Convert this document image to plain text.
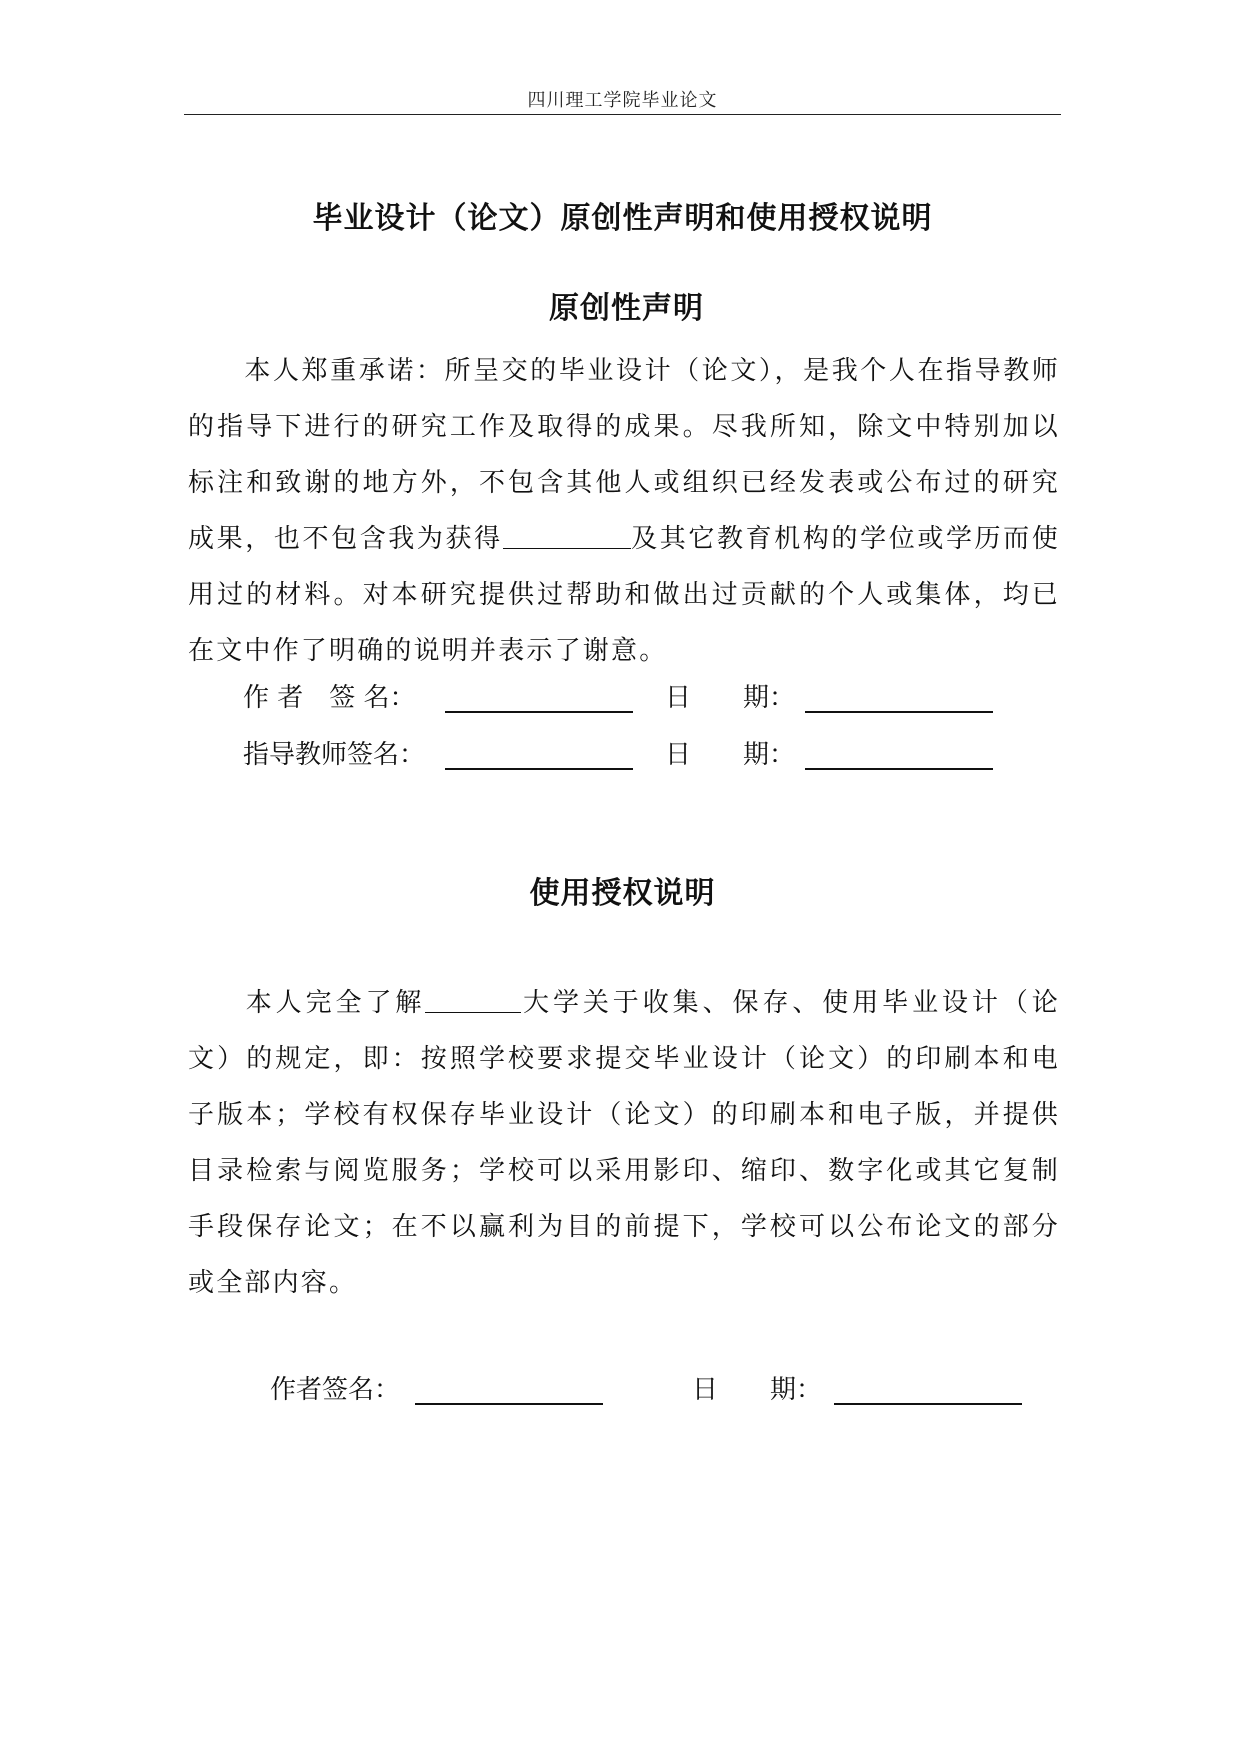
四川理工学院毕业论文
毕业设计（论文）原创性声明和使用授权说明
原创性声明
本人郑重承诺：所呈交的毕业设计（论文），是我个人在指导教师的指导下进行的研究工作及取得的成果。尽我所知，除文中特别加以标注和致谢的地方外，不包含其他人或组织已经发表或公布过的研究成果，也不包含我为获得	及其它教育机构的学位或学历而使用过的材料。对本研究提供过帮助和做出过贡献的个人或集体，均已在文中作了明确的说明并表示了谢意。
作 者　签 名：	日　　期：
指导教师签名：	日　　期：
使用授权说明
本人完全了解	大学关于收集、保存、使用毕业设计（论文）的规定，即：按照学校要求提交毕业设计（论文）的印刷本和电子版本；学校有权保存毕业设计（论文）的印刷本和电子版，并提供目录检索与阅览服务；学校可以采用影印、缩印、数字化或其它复制手段保存论文；在不以赢利为目的前提下，学校可以公布论文的部分或全部内容。
作者签名：	日　　期：
